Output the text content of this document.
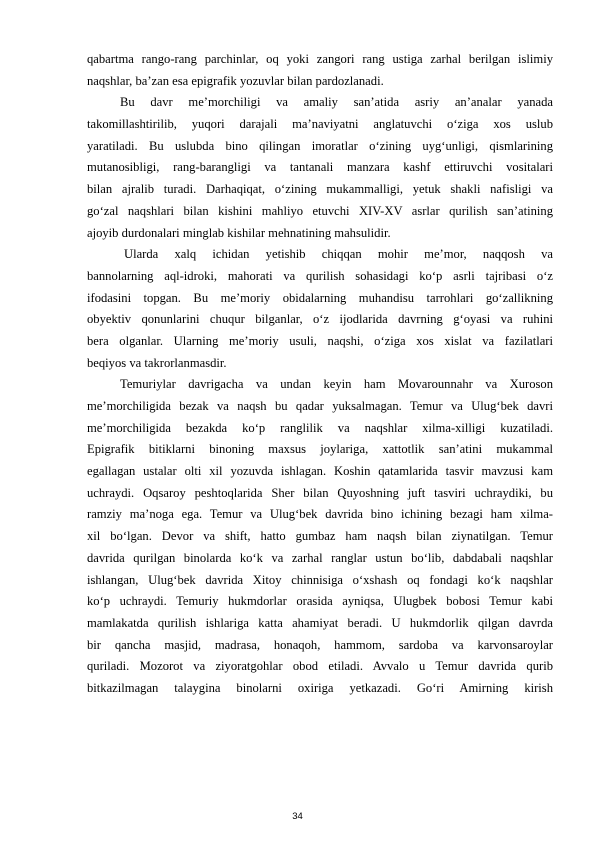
qabartma rango-rang parchinlar, oq yoki zangori rang ustiga zarhal berilgan islimiy
naqshlar, ba’zan esa epigrafik yozuvlar bilan pardozlanadi.
Bu davr me’morchiligi va amaliy san’atida asriy an’analar yanada
takomillashtirilib, yuqori darajali ma’naviyatni anglatuvchi o‘ziga xos uslub
yaratiladi. Bu uslubda bino qilingan imoratlar o‘zining uyg‘unligi, qismlarining
mutanosibligi, rang-barangligi va tantanali manzara kashf ettiruvchi vositalari
bilan ajralib turadi. Darhaqiqat, o‘zining mukammalligi, yetuk shakli nafisligi va
go‘zal naqshlari bilan kishini mahliyo etuvchi XIV-XV asrlar qurilish san’atining
ajoyib durdonalari minglab kishilar mehnatining mahsulidir.
Ularda xalq ichidan yetishib chiqqan mohir me’mor, naqqosh va
bannolarning aql-idroki, mahorati va qurilish sohasidagi ko‘p asrli tajribasi o‘z
ifodasini topgan. Bu me’moriy obidalarning muhandisu tarrohlari go‘zallikning
obyektiv qonunlarini chuqur bilganlar, o‘z ijodlarida davrning g‘oyasi va ruhini
bera olganlar. Ularning me’moriy usuli, naqshi, o‘ziga xos xislat va fazilatlari
beqiyos va takrorlanmasdir.
Temuriylar davrigacha va undan keyin ham Movarounnahr va Xuroson
me’morchiligida bezak va naqsh bu qadar yuksalmagan. Temur va Ulug‘bek davri
me’morchiligida bezakda ko‘p ranglilik va naqshlar xilma-xilligi kuzatiladi.
Epigrafik bitiklarni binoning maxsus joylariga, xattotlik san’atini mukammal
egallagan ustalar olti xil yozuvda ishlagan. Koshin qatamlarida tasvir mavzusi kam
uchraydi. Oqsaroy peshtoqlarida Sher bilan Quyoshning juft tasviri uchraydiki, bu
ramziy ma’noga ega. Temur va Ulug‘bek davrida bino ichining bezagi ham xilma-
xil bo‘lgan. Devor va shift, hatto gumbaz ham naqsh bilan ziynatilgan. Temur
davrida qurilgan binolarda ko‘k va zarhal ranglar ustun bo‘lib, dabdabali naqshlar
ishlangan, Ulug‘bek davrida Xitoy chinnisiga o‘xshash oq fondagi ko‘k naqshlar
ko‘p uchraydi. Temuriy hukmdorlar orasida ayniqsa, Ulugbek bobosi Temur kabi
mamlakatda qurilish ishlariga katta ahamiyat beradi. U hukmdorlik qilgan davrda
bir qancha masjid, madrasa, honaqoh, hammom, sardoba va karvonsaroylar
quriladi. Mozorot va ziyoratgohlar obod etiladi. Avvalo u Temur davrida qurib
bitkazilmagan talaygina binolarni oxiriga yetkazadi. Go‘ri Amirning kirish
34
